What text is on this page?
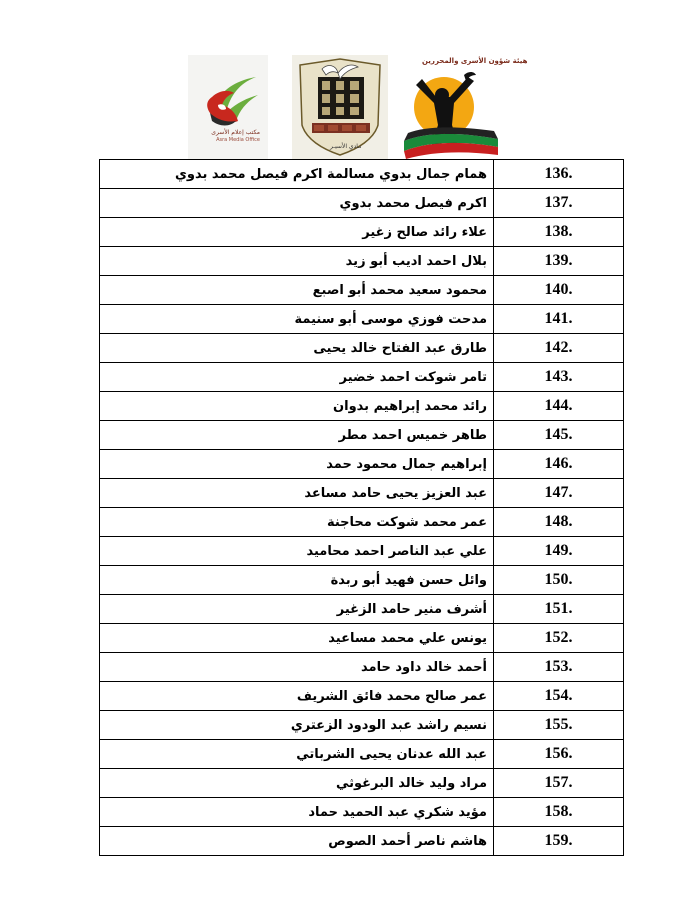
مكتب إعلام الأسرى
Asra Media Office
نـادي الأسيـر
هيئة شؤون الأسرى والمحررين
همام جمال بدوي مسالمة اكرم فيصل محمد بدوي	136.
اكرم فيصل محمد بدوي	137.
علاء رائد صالح زغير	138.
بلال احمد اديب أبو زيد	139.
محمود سعيد محمد أبو اصبع	140.
مدحت فوزي موسى أبو سنيمة	141.
طارق عبد الفتاح خالد يحيى	142.
تامر شوكت احمد خضير	143.
رائد محمد إبراهيم بدوان	144.
طاهر خميس احمد مطر	145.
إبراهيم جمال محمود حمد	146.
عبد العزيز يحيى حامد مساعد	147.
عمر محمد شوكت محاجنة	148.
علي عبد الناصر احمد محاميد	149.
وائل حسن فهيد أبو ربدة	150.
أشرف منير حامد الزغير	151.
يونس علي محمد مساعيد	152.
أحمد خالد داود حامد	153.
عمر صالح محمد فائق الشريف	154.
نسيم راشد عبد الودود الزعتري	155.
عبد الله عدنان يحيى الشرباتي	156.
مراد وليد خالد البرغوثي	157.
مؤيد شكري عبد الحميد حماد	158.
هاشم ناصر أحمد الصوص	159.
